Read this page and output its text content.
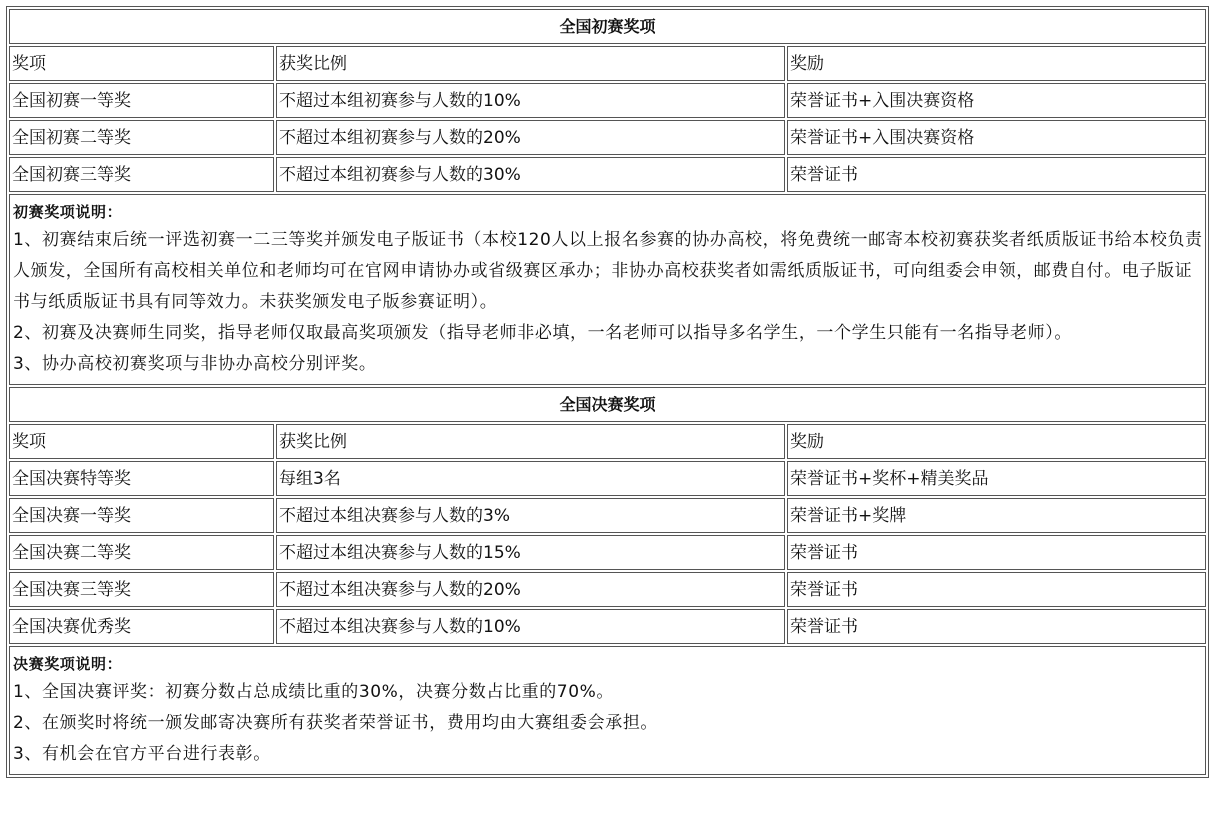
全国初赛奖项		
奖项	获奖比例	奖励
全国初赛一等奖	不超过本组初赛参与人数的10%	荣誉证书+入围决赛资格
全国初赛二等奖	不超过本组初赛参与人数的20%	荣誉证书+入围决赛资格
全国初赛三等奖	不超过本组初赛参与人数的30%	荣誉证书

初赛奖项说明：
1、初赛结束后统一评选初赛一二三等奖并颁发电子版证书（本校120人以上报名参赛的协办高校，将免费统一邮寄本校初赛获奖者纸质版证书给本校负责人颁发，全国所有高校相关单位和老师均可在官网申请协办或省级赛区承办；非协办高校获奖者如需纸质版证书，可向组委会申领，邮费自付。电子版证书与纸质版证书具有同等效力。未获奖颁发电子版参赛证明）。
2、初赛及决赛师生同奖，指导老师仅取最高奖项颁发（指导老师非必填，一名老师可以指导多名学生，一个学生只能有一名指导老师）。
3、协办高校初赛奖项与非协办高校分别评奖。		

全国决赛奖项		
奖项	获奖比例	奖励
全国决赛特等奖	每组3名	荣誉证书+奖杯+精美奖品
全国决赛一等奖	不超过本组决赛参与人数的3%	荣誉证书+奖牌
全国决赛二等奖	不超过本组决赛参与人数的15%	荣誉证书
全国决赛三等奖	不超过本组决赛参与人数的20%	荣誉证书
全国决赛优秀奖	不超过本组决赛参与人数的10%	荣誉证书

决赛奖项说明：
1、全国决赛评奖：初赛分数占总成绩比重的30%，决赛分数占比重的70%。
2、在颁奖时将统一颁发邮寄决赛所有获奖者荣誉证书，费用均由大赛组委会承担。
3、有机会在官方平台进行表彰。		
